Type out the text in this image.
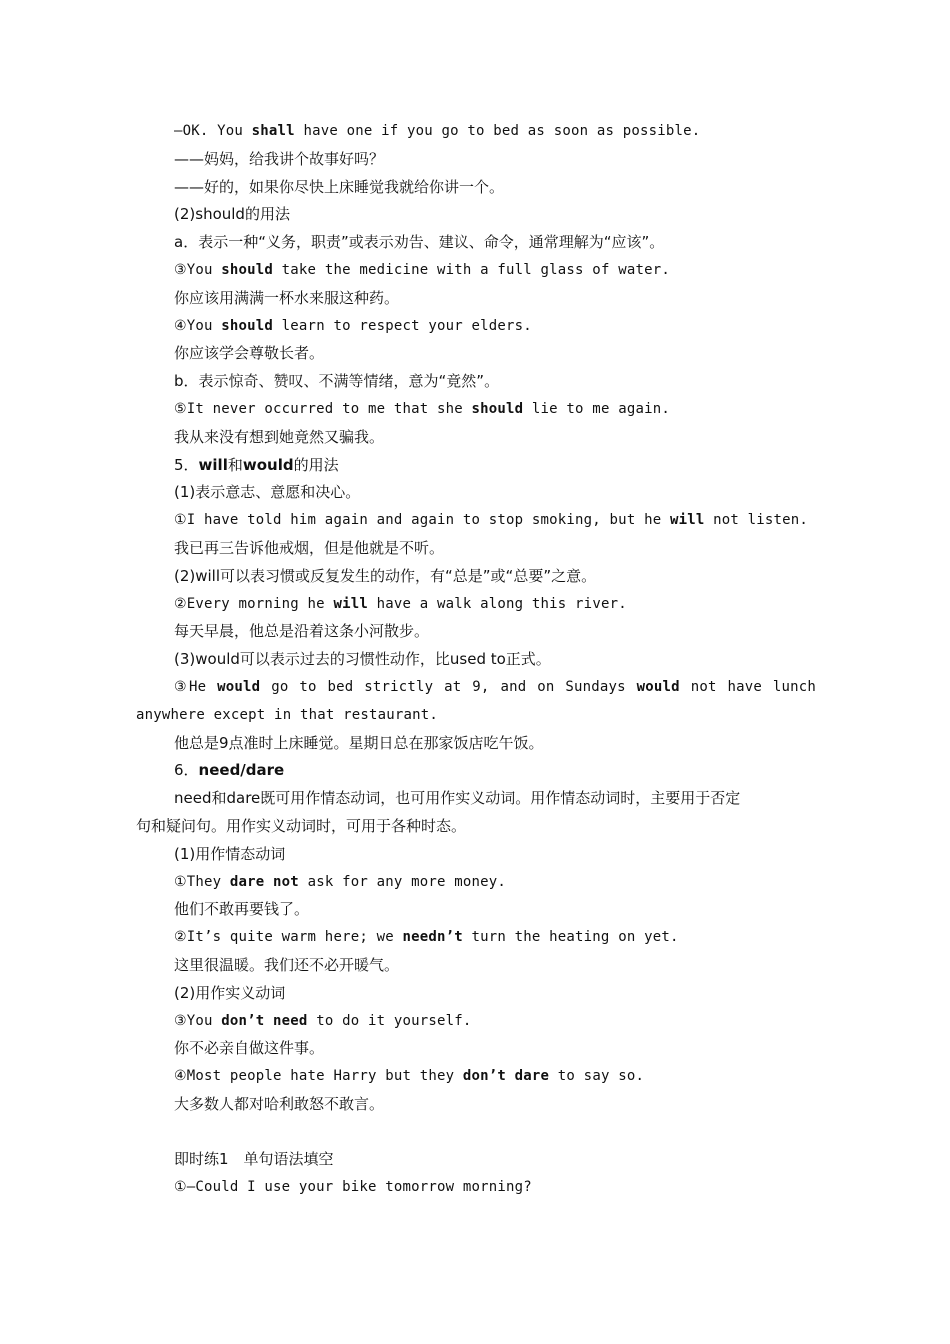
—OK. You shall have one if you go to bed as soon as possible.
——妈妈，给我讲个故事好吗？
——好的，如果你尽快上床睡觉我就给你讲一个。
(2)should的用法
a．表示一种“义务，职责”或表示劝告、建议、命令，通常理解为“应该”。
③You should take the medicine with a full glass of water.
你应该用满满一杯水来服这种药。
④You should learn to respect your elders.
你应该学会尊敬长者。
b．表示惊奇、赞叹、不满等情绪，意为“竟然”。
⑤It never occurred to me that she should lie to me again.
我从来没有想到她竟然又骗我。
5．will和would的用法
(1)表示意志、意愿和决心。
①I have told him again and again to stop smoking, but he will not listen.
我已再三告诉他戒烟，但是他就是不听。
(2)will可以表习惯或反复发生的动作，有“总是”或“总要”之意。
②Every morning he will have a walk along this river.
每天早晨，他总是沿着这条小河散步。
(3)would可以表示过去的习惯性动作，比used to正式。
③He would go to bed strictly at 9, and on Sundays would not have lunch
anywhere except in that restaurant.
他总是9点准时上床睡觉。星期日总在那家饭店吃午饭。
6．need/dare
need和dare既可用作情态动词，也可用作实义动词。用作情态动词时，主要用于否定
句和疑问句。用作实义动词时，可用于各种时态。
(1)用作情态动词
①They dare not ask for any more money.
他们不敢再要钱了。
②It’s quite warm here; we needn’t turn the heating on yet.
这里很温暖。我们还不必开暖气。
(2)用作实义动词
③You don’t need to do it yourself.
你不必亲自做这件事。
④Most people hate Harry but they don’t dare to say so.
大多数人都对哈利敢怒不敢言。
即时练1　单句语法填空
①—Could I use your bike tomorrow morning?
